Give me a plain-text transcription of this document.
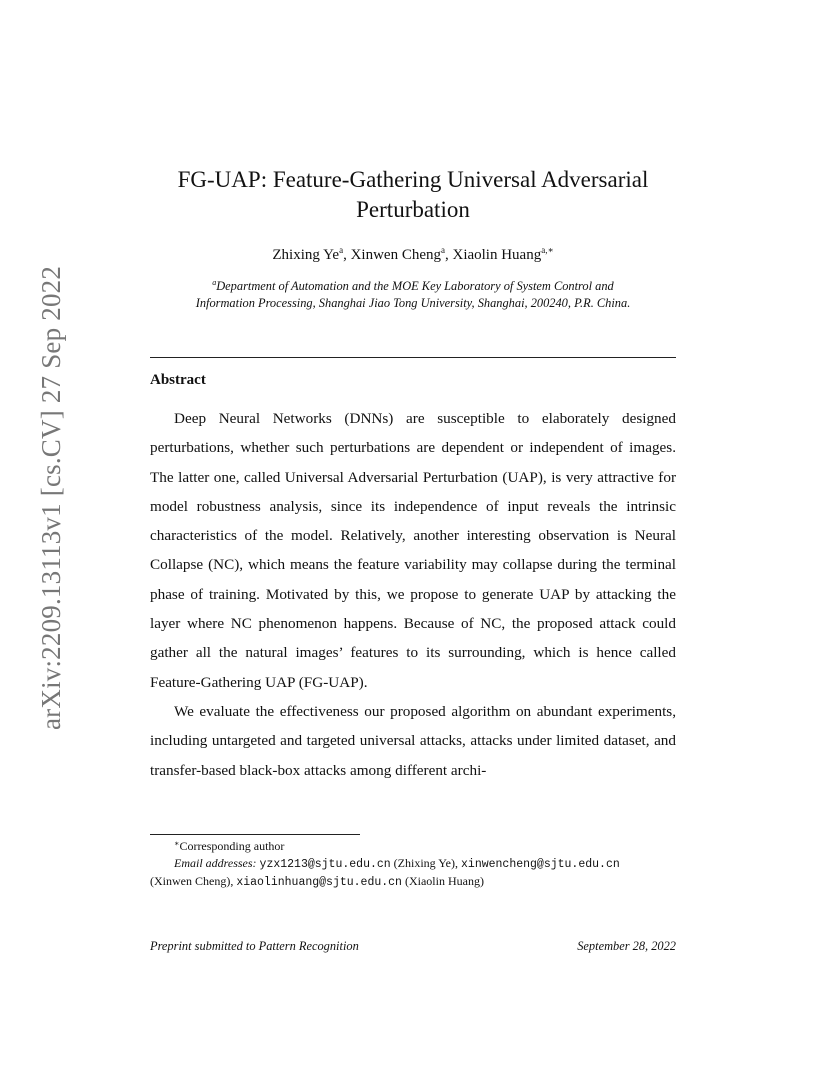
arXiv:2209.13113v1 [cs.CV] 27 Sep 2022
FG-UAP: Feature-Gathering Universal Adversarial
Perturbation
Zhixing Ye$^a$, Xinwen Cheng$^a$, Xiaolin Huang$^{a,∗}$
$^a$Department of Automation and the MOE Key Laboratory of System Control and
Information Processing, Shanghai Jiao Tong University, Shanghai, 200240, P.R. China.
Abstract

Deep Neural Networks (DNNs) are susceptible to elaborately designed perturbations, whether such perturbations are dependent or independent of images. The latter one, called Universal Adversarial Perturbation (UAP), is very attractive for model robustness analysis, since its independence of input reveals the intrinsic characteristics of the model. Relatively, another interesting observation is Neural Collapse (NC), which means the feature variability may collapse during the terminal phase of training. Motivated by this, we propose to generate UAP by attacking the layer where NC phenomenon happens. Because of NC, the proposed attack could gather all the natural images’ features to its surrounding, which is hence called Feature-Gathering UAP (FG-UAP).

We evaluate the effectiveness our proposed algorithm on abundant experiments, including untargeted and targeted universal attacks, attacks under limited dataset, and transfer-based black-box attacks among different archi-

∗Corresponding author
Email addresses: yzx1213@sjtu.edu.cn (Zhixing Ye), xinwencheng@sjtu.edu.cn
(Xinwen Cheng), xiaolinhuang@sjtu.edu.cn (Xiaolin Huang)
Preprint submitted to Pattern Recognition	September 28, 2022
